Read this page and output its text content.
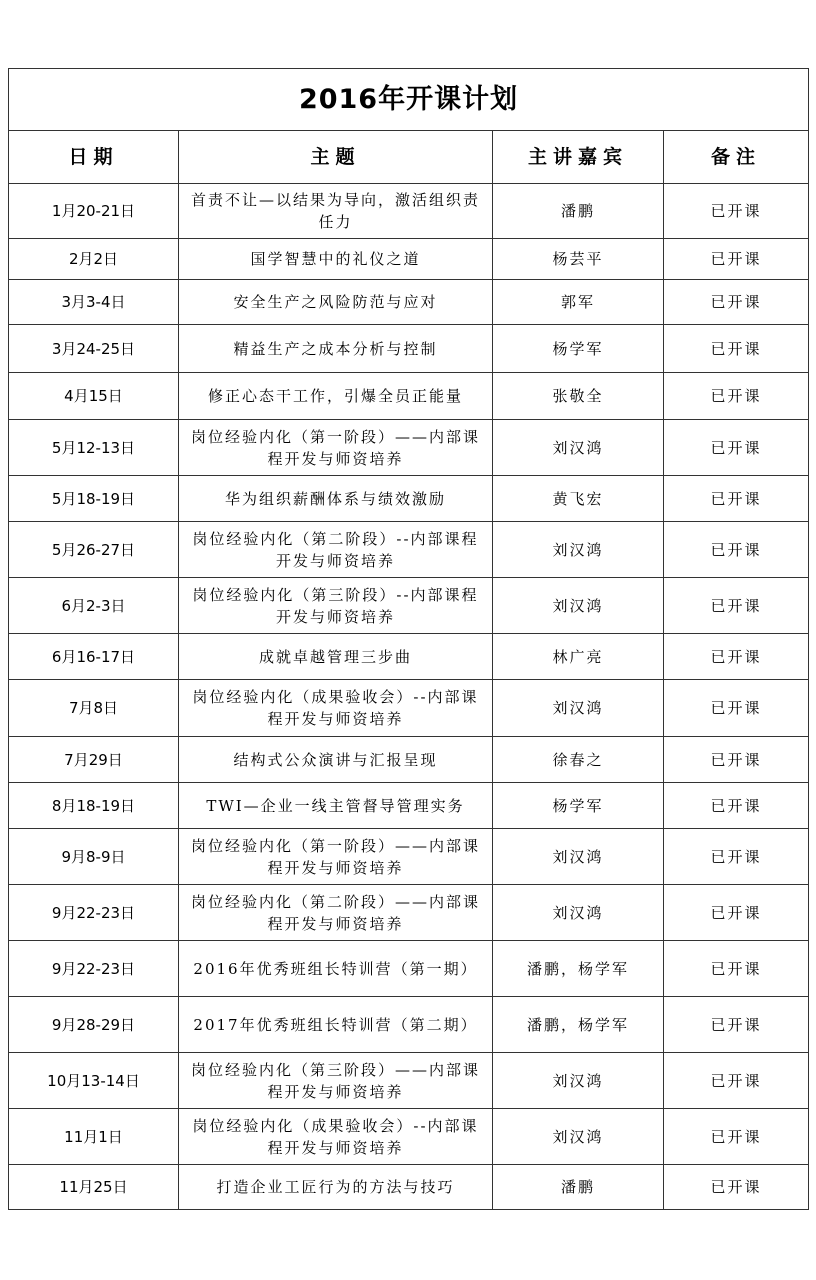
2016年开课计划			
日期	主题	主讲嘉宾	备注
1月20-21日	首责不让—以结果为导向，激活组织责任力	潘鹏	已开课
2月2日	国学智慧中的礼仪之道	杨芸平	已开课
3月3-4日	安全生产之风险防范与应对	郭军	已开课
3月24-25日	精益生产之成本分析与控制	杨学军	已开课
4月15日	修正心态干工作，引爆全员正能量	张敬全	已开课
5月12-13日	岗位经验内化（第一阶段）——内部课程开发与师资培养	刘汉鸿	已开课
5月18-19日	华为组织薪酬体系与绩效激励	黄飞宏	已开课
5月26-27日	岗位经验内化（第二阶段）--内部课程开发与师资培养	刘汉鸿	已开课
6月2-3日	岗位经验内化（第三阶段）--内部课程开发与师资培养	刘汉鸿	已开课
6月16-17日	成就卓越管理三步曲	林广亮	已开课
7月8日	岗位经验内化（成果验收会）--内部课程开发与师资培养	刘汉鸿	已开课
7月29日	结构式公众演讲与汇报呈现	徐春之	已开课
8月18-19日	TWI—企业一线主管督导管理实务	杨学军	已开课
9月8-9日	岗位经验内化（第一阶段）——内部课程开发与师资培养	刘汉鸿	已开课
9月22-23日	岗位经验内化（第二阶段）——内部课程开发与师资培养	刘汉鸿	已开课
9月22-23日	2016年优秀班组长特训营（第一期）	潘鹏，杨学军	已开课
9月28-29日	2017年优秀班组长特训营（第二期）	潘鹏，杨学军	已开课
10月13-14日	岗位经验内化（第三阶段）——内部课程开发与师资培养	刘汉鸿	已开课
11月1日	岗位经验内化（成果验收会）--内部课程开发与师资培养	刘汉鸿	已开课
11月25日	打造企业工匠行为的方法与技巧	潘鹏	已开课
